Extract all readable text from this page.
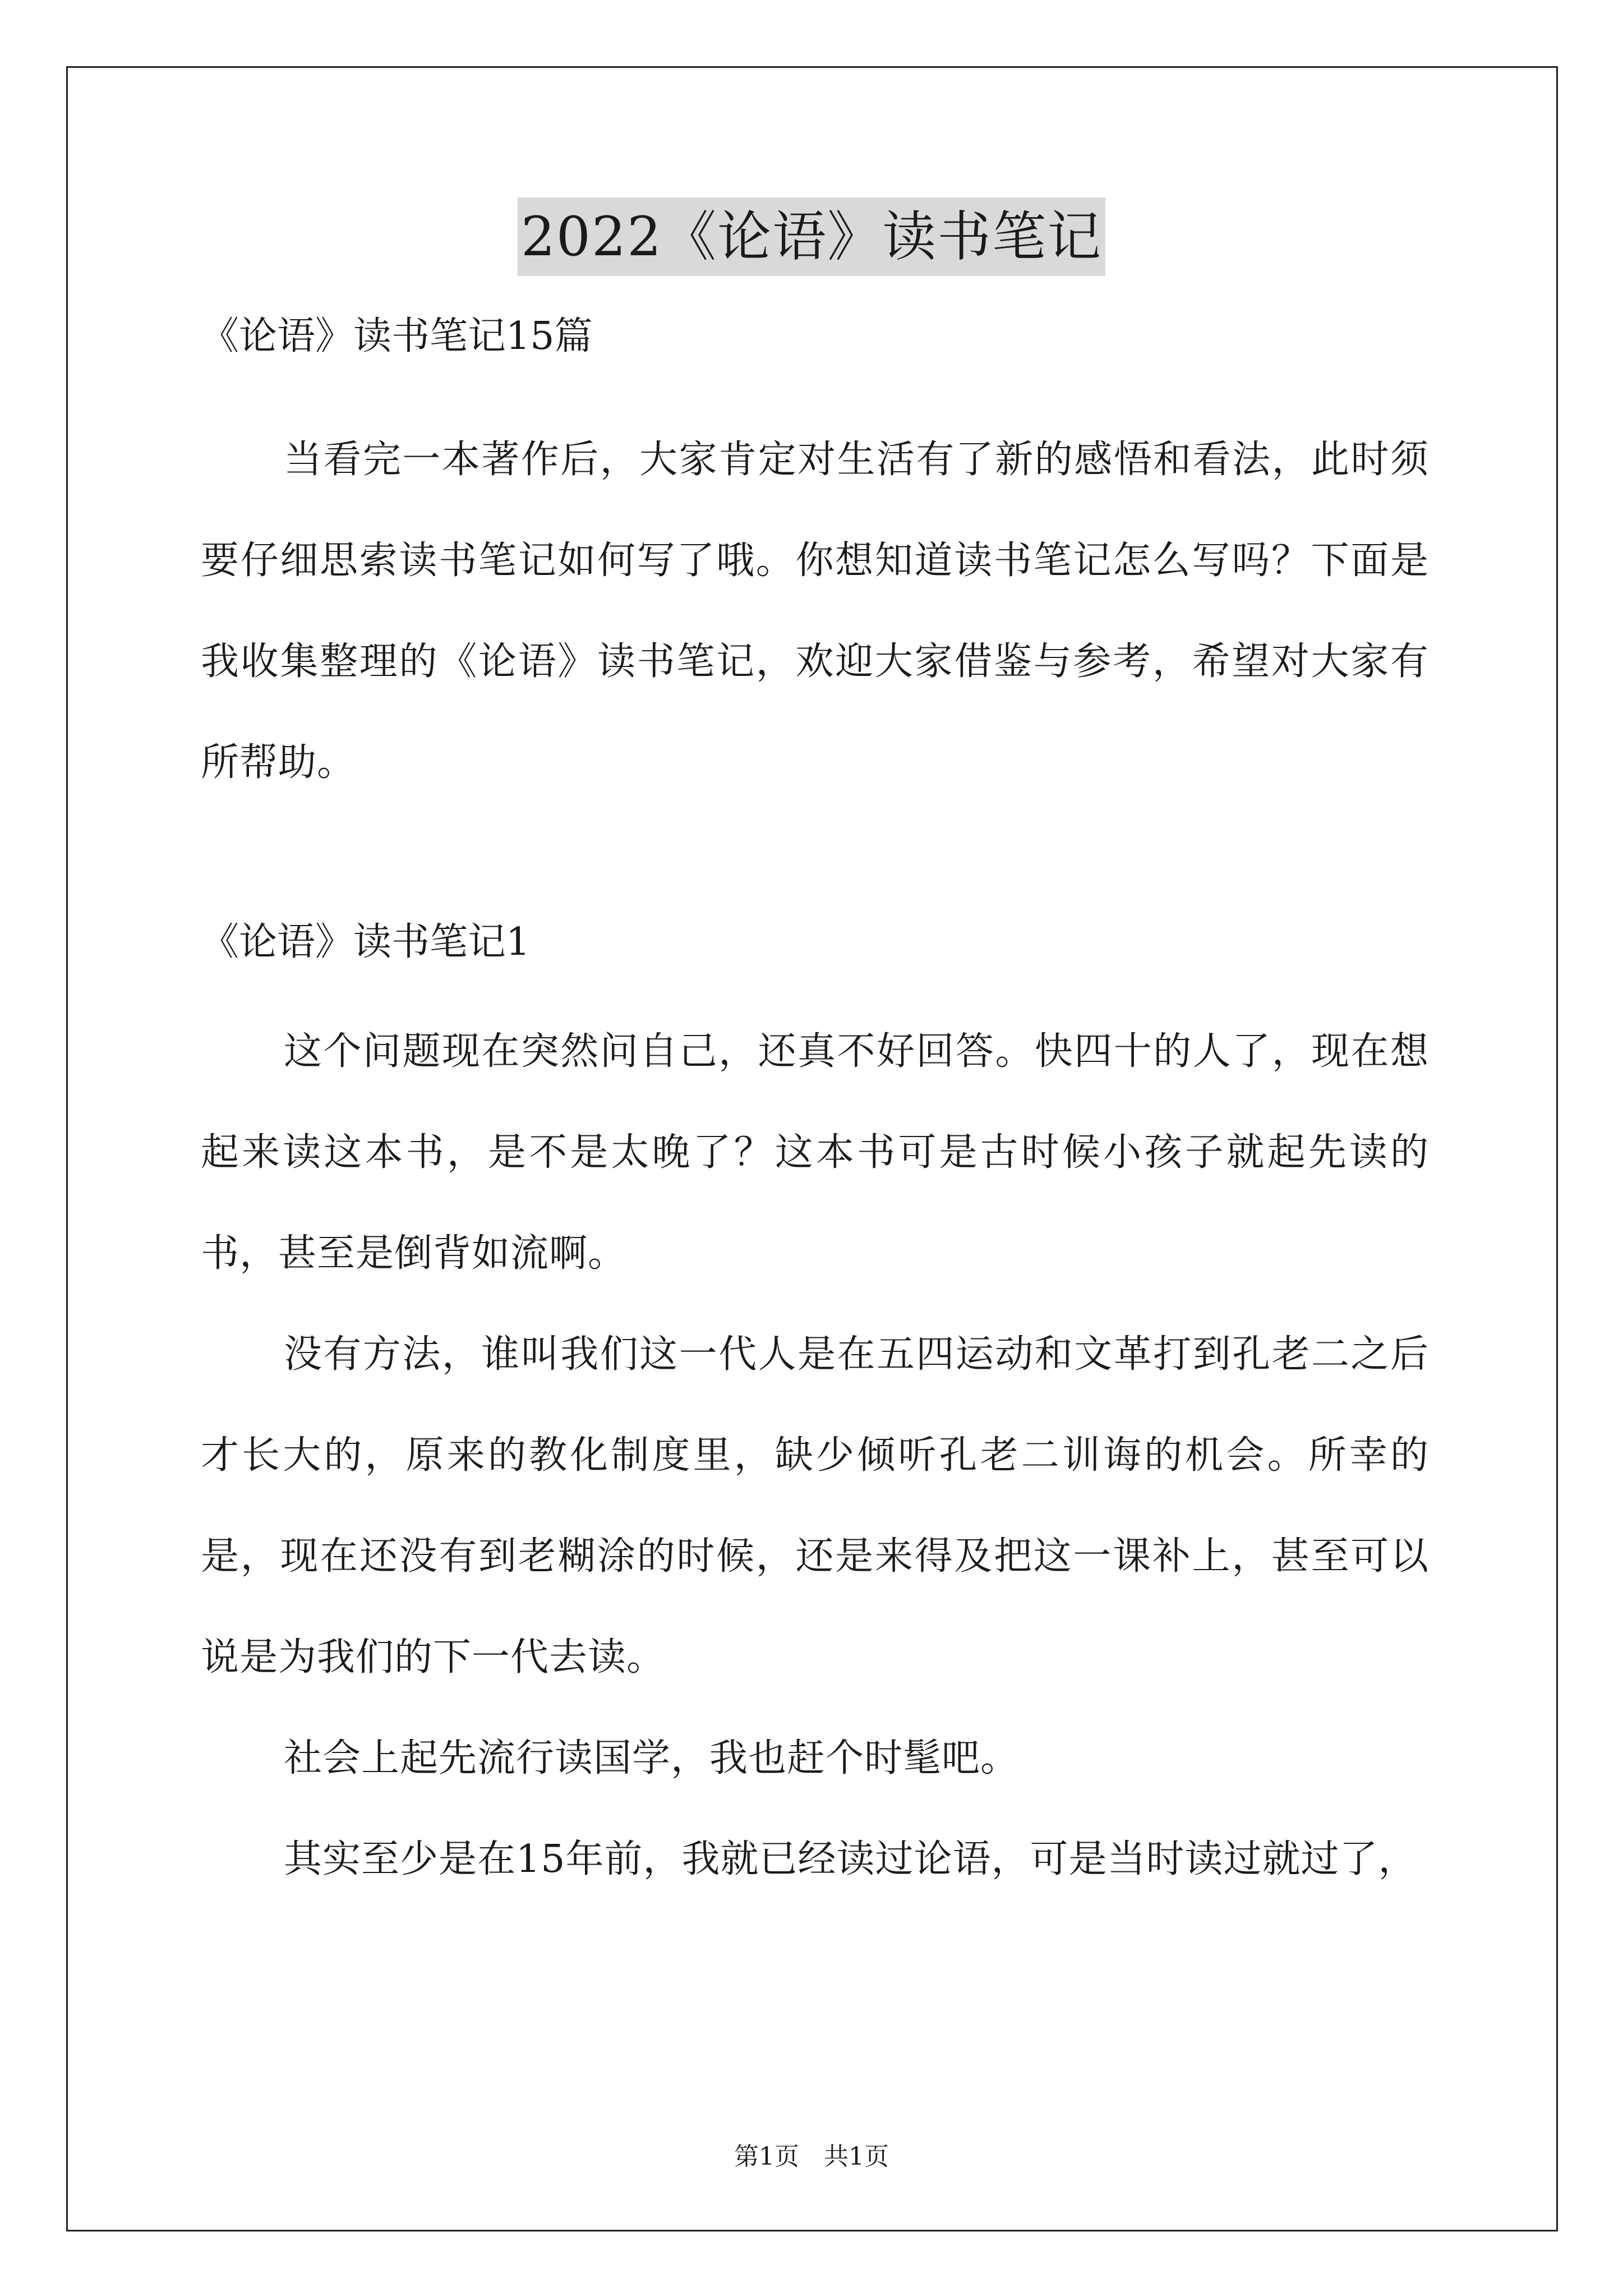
2022《论语》读书笔记

《论语》读书笔记15篇

当看完一本著作后，大家肯定对生活有了新的感悟和看法，此时须要仔细思索读书笔记如何写了哦。你想知道读书笔记怎么写吗？下面是我收集整理的《论语》读书笔记，欢迎大家借鉴与参考，希望对大家有所帮助。

《论语》读书笔记1

这个问题现在突然问自己，还真不好回答。快四十的人了，现在想起来读这本书，是不是太晚了？这本书可是古时候小孩子就起先读的书，甚至是倒背如流啊。

没有方法，谁叫我们这一代人是在五四运动和文革打到孔老二之后才长大的，原来的教化制度里，缺少倾听孔老二训诲的机会。所幸的是，现在还没有到老糊涂的时候，还是来得及把这一课补上，甚至可以说是为我们的下一代去读。

社会上起先流行读国学，我也赶个时髦吧。

其实至少是在15年前，我就已经读过论语，可是当时读过就过了，

第1页　共1页
